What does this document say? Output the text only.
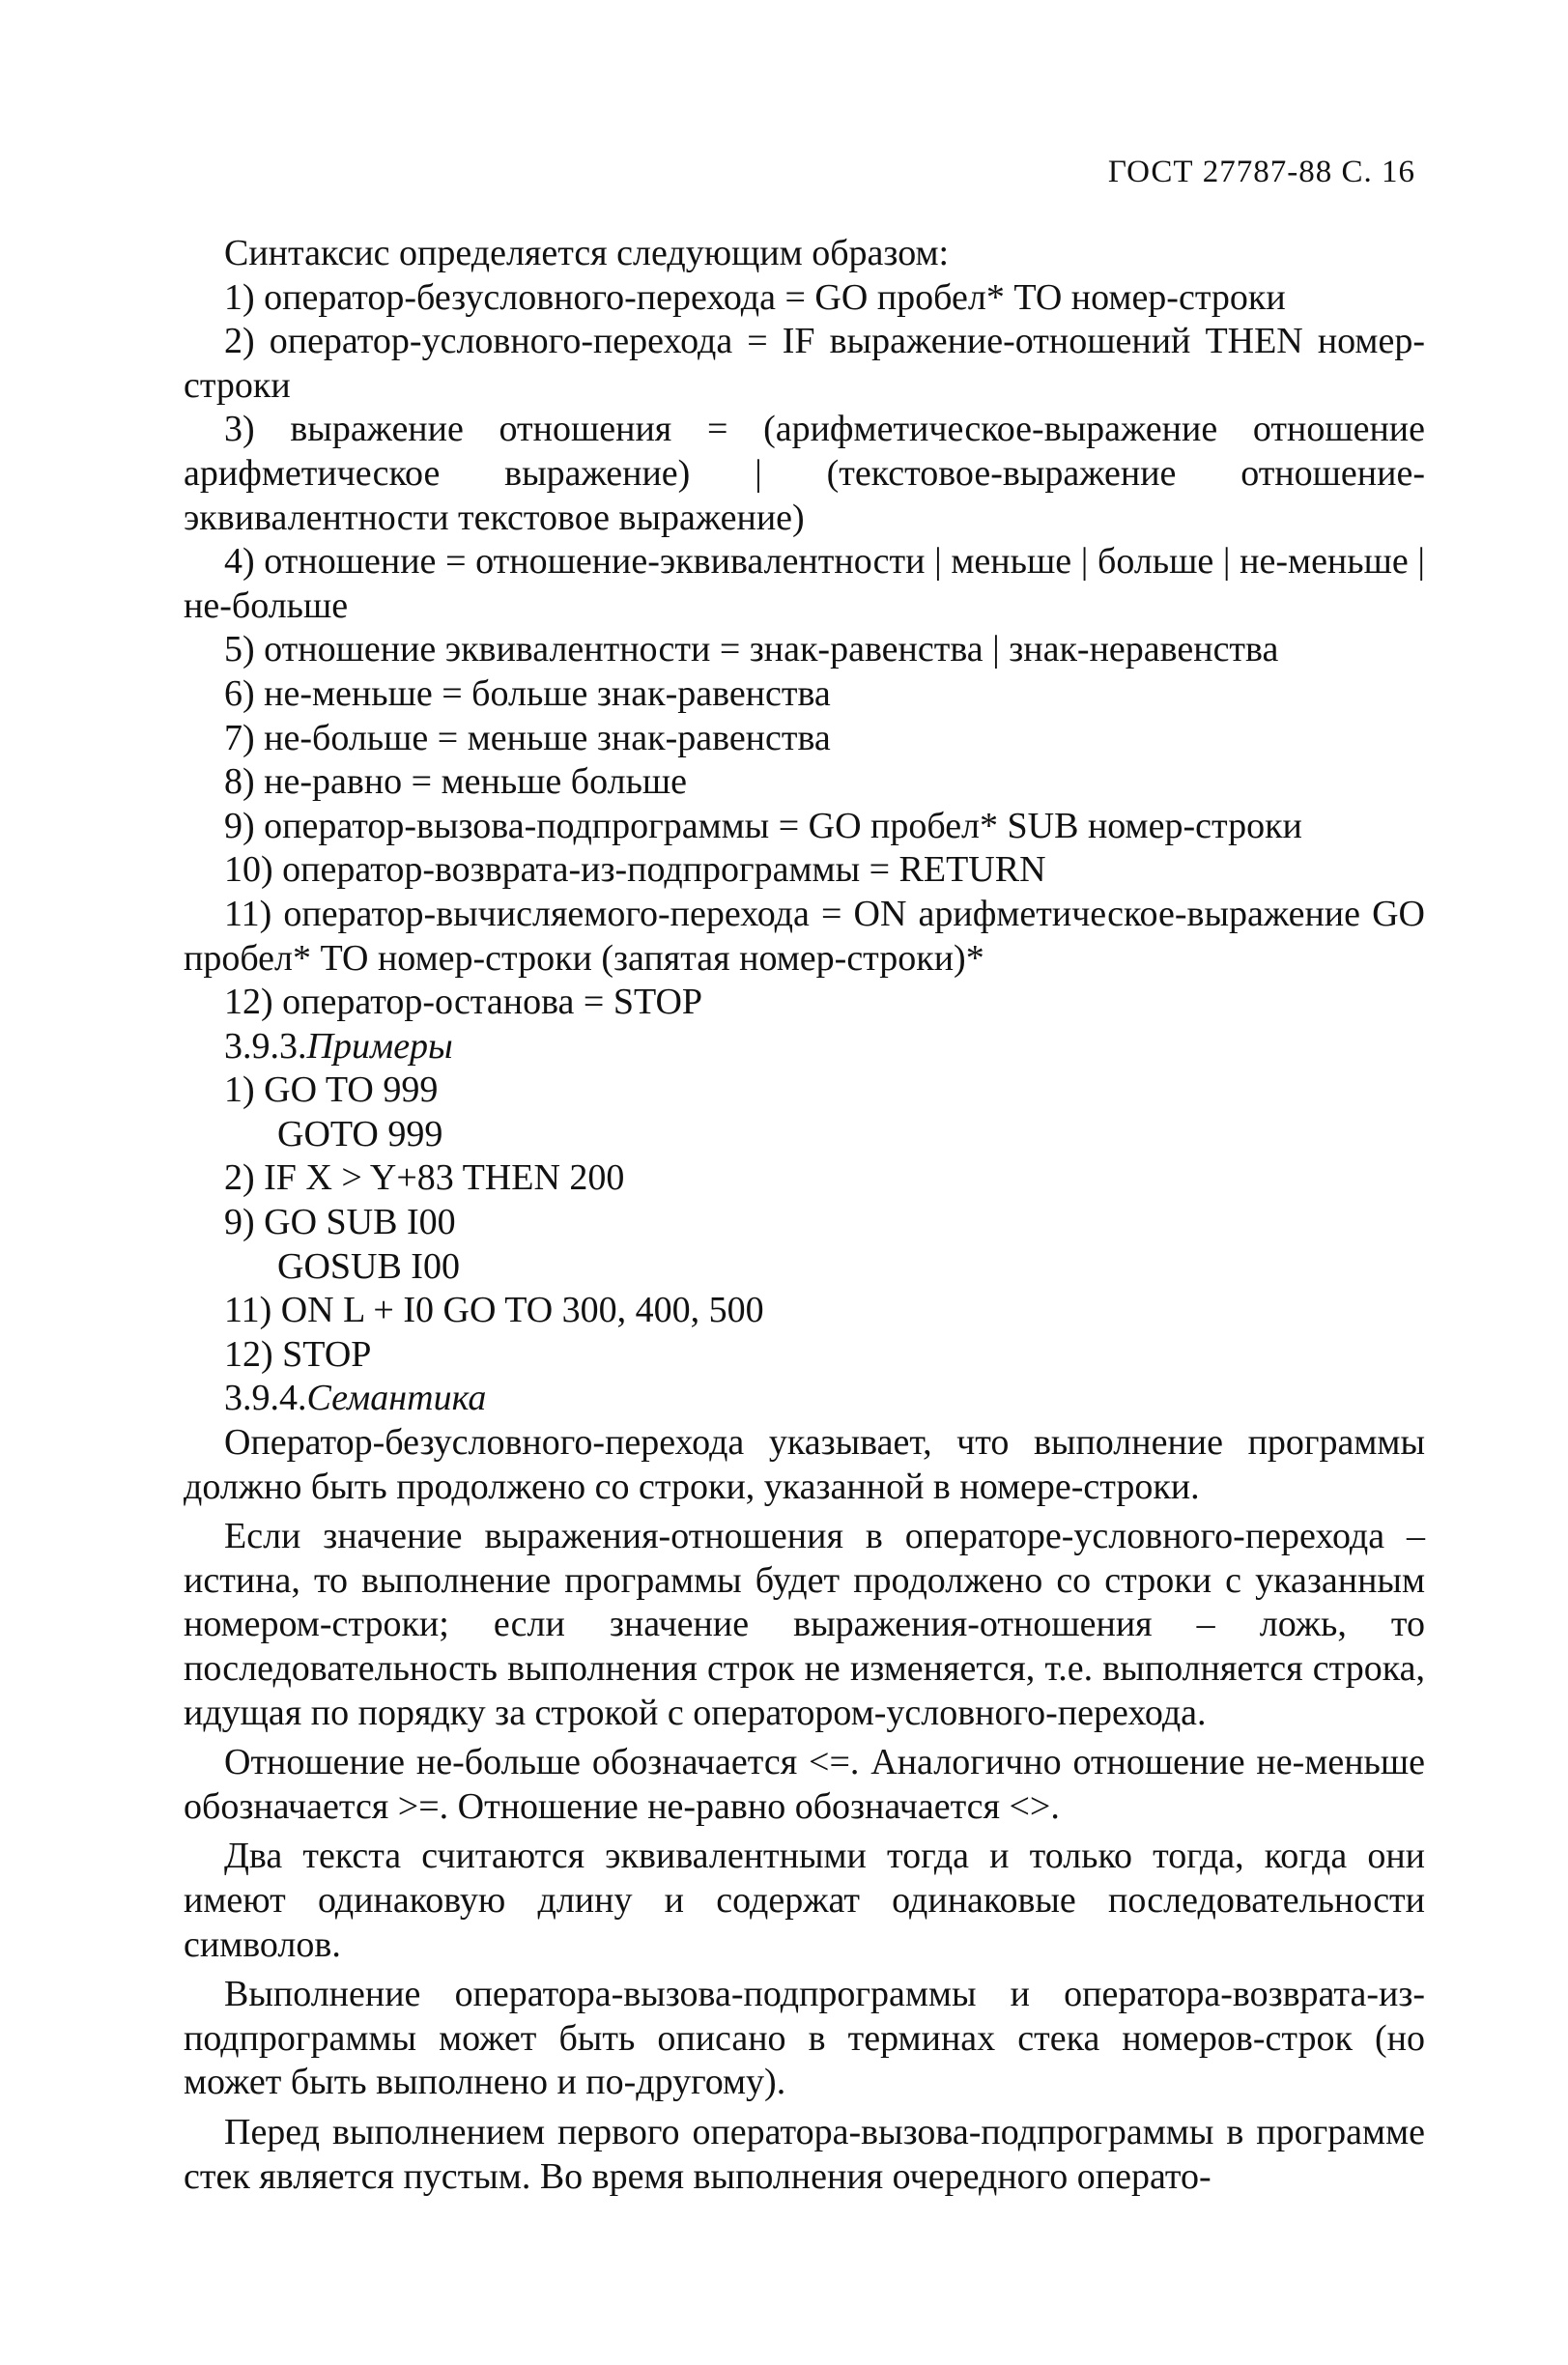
ГОСТ 27787-88 С. 16

Синтаксис определяется следующим образом:

1) оператор-безусловного-перехода = GO пробел* TO номер-строки

2) оператор-условного-перехода = IF выражение-отношений THEN номер-строки

3) выражение отношения = (арифметическое-выражение отношение арифметическое выражение) | (текстовое-выражение отношение-эквивалентности текстовое выражение)

4) отношение = отношение-эквивалентности | меньше | больше | не-меньше | не-больше

5) отношение эквивалентности = знак-равенства | знак-неравенства

6) не-меньше = больше знак-равенства

7) не-больше = меньше знак-равенства

8) не-равно = меньше больше

9) оператор-вызова-подпрограммы = GO пробел* SUB номер-строки

10) оператор-возврата-из-подпрограммы = RETURN

11) оператор-вычисляемого-перехода = ON арифметическое-выражение GO пробел* TO номер-строки (запятая номер-строки)*

12) оператор-останова = STOP

3.9.3.Примеры

1) GO TO 999

GOTO 999

2) IF X > Y+83 THEN 200

9) GO SUB I00

GOSUB I00

11) ON L + I0 GO TO 300, 400, 500

12) STOP

3.9.4.Семантика

Оператор-безусловного-перехода указывает, что выполнение программы должно быть продолжено со строки, указанной в номере-строки.

Если значение выражения-отношения в операторе-условного-перехода – истина, то выполнение программы будет продолжено со строки с указанным номером-строки; если значение выражения-отношения – ложь, то последовательность выполнения строк не изменяется, т.е. выполняется строка, идущая по порядку за строкой с оператором-условного-перехода.

Отношение не-больше обозначается <=. Аналогично отношение не-меньше обозначается >=. Отношение не-равно обозначается <>.

Два текста считаются эквивалентными тогда и только тогда, когда они имеют одинаковую длину и содержат одинаковые последовательности символов.

Выполнение оператора-вызова-подпрограммы и оператора-возврата-из-подпрограммы может быть описано в терминах стека номеров-строк (но может быть выполнено и по-другому).

Перед выполнением первого оператора-вызова-подпрограммы в программе стек является пустым. Во время выполнения очередного операто-
